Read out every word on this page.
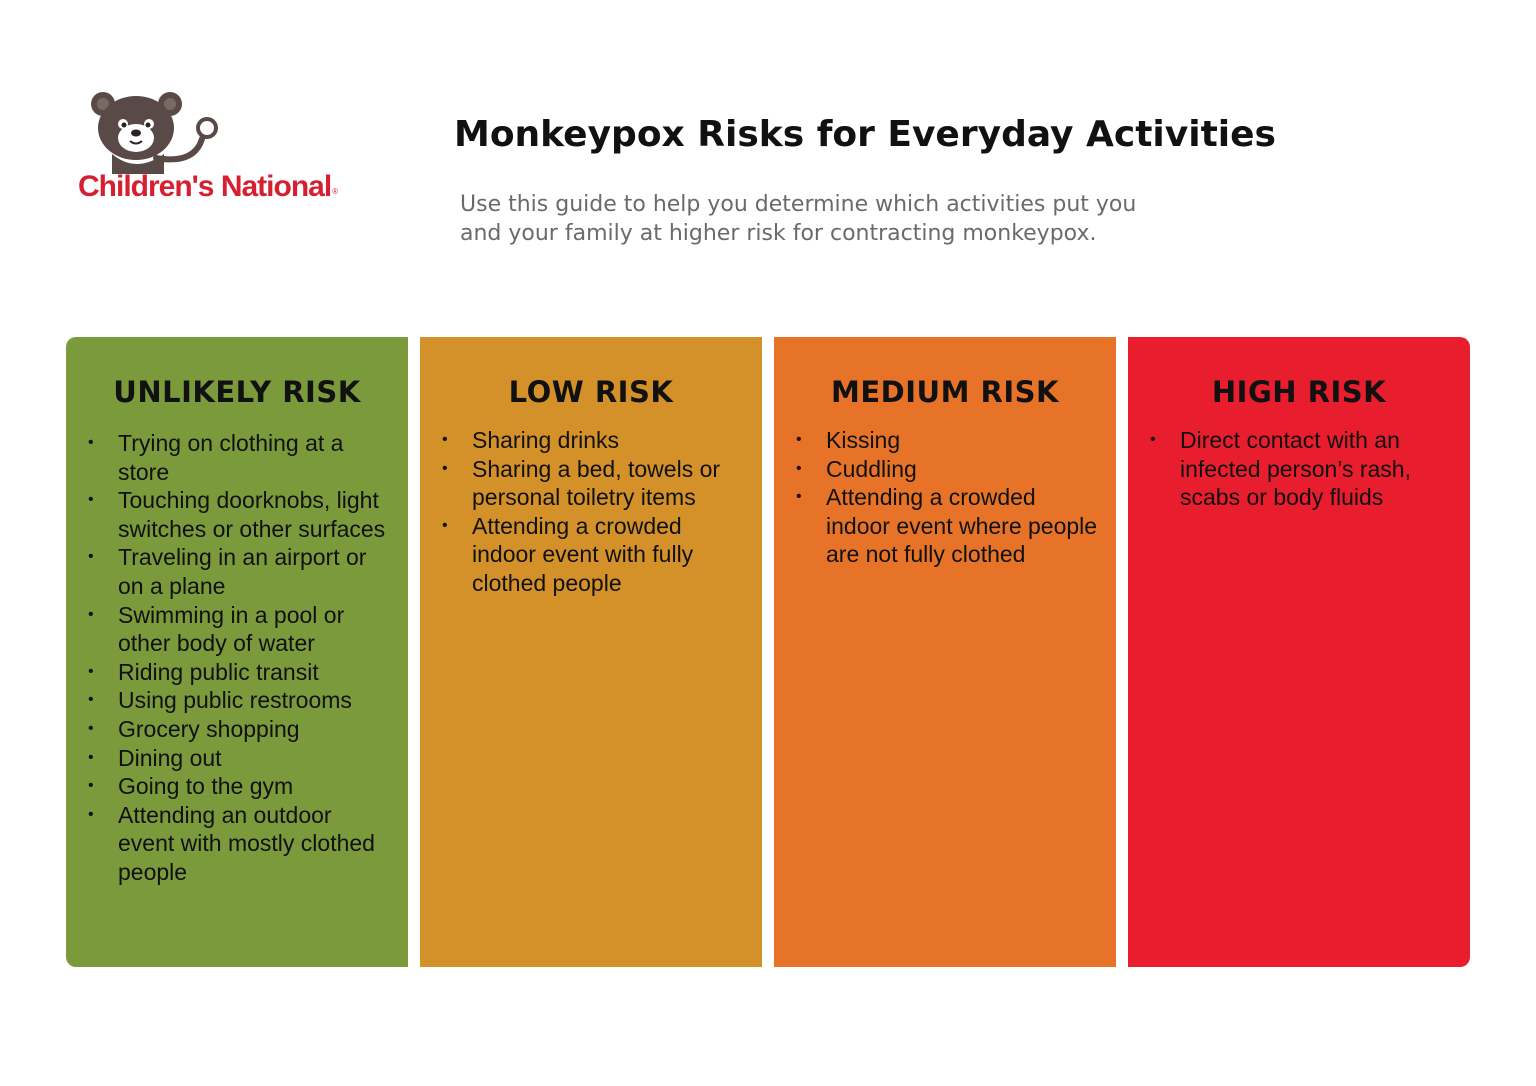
Children's National®
Monkeypox Risks for Everyday Activities

Use this guide to help you determine which activities put you and your family at higher risk for contracting monkeypox.

UNLIKELY RISK
• Trying on clothing at a store
• Touching doorknobs, light switches or other surfaces
• Traveling in an airport or on a plane
• Swimming in a pool or other body of water
• Riding public transit
• Using public restrooms
• Grocery shopping
• Dining out
• Going to the gym
• Attending an outdoor event with mostly clothed people
LOW RISK
• Sharing drinks
• Sharing a bed, towels or personal toiletry items
• Attending a crowded indoor event with fully clothed people
MEDIUM RISK
• Kissing
• Cuddling
• Attending a crowded indoor event where people are not fully clothed
HIGH RISK
• Direct contact with an infected person’s rash, scabs or body fluids
